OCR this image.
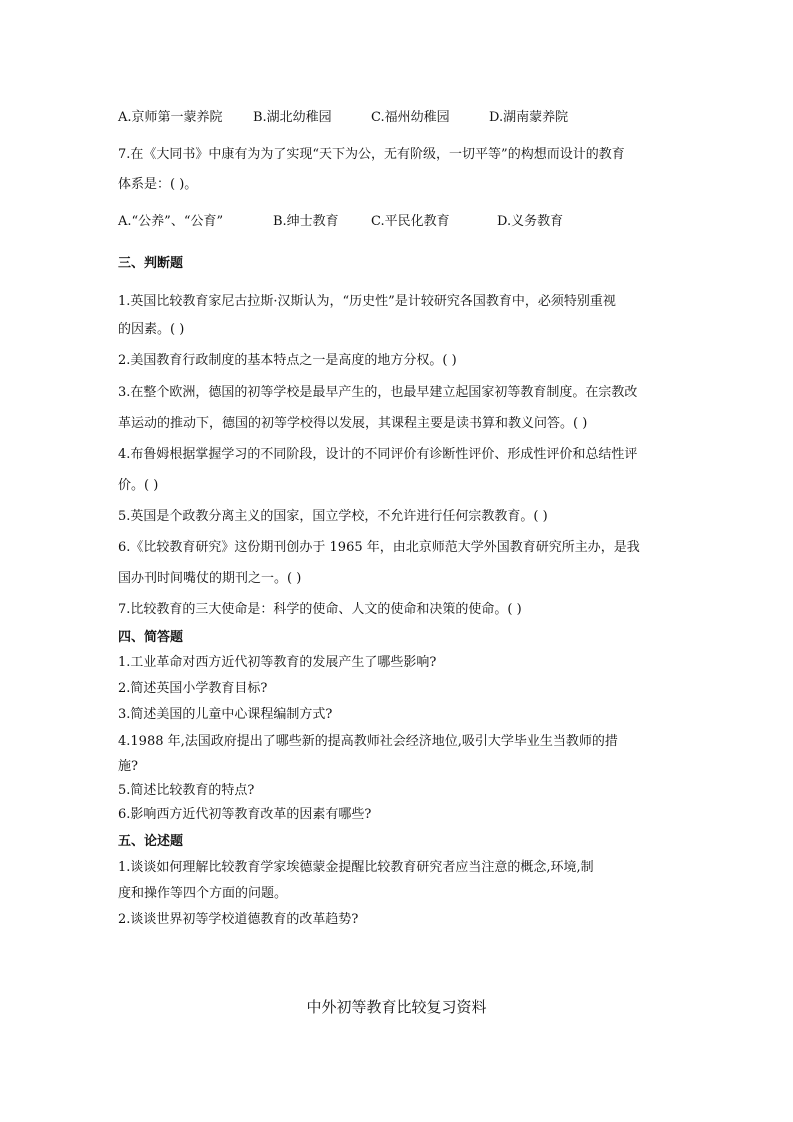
A.京师第一蒙养院 B.湖北幼稚园	C.福州幼稚园	D.湖南蒙养院

7.在《大同书》中康有为为了实现“天下为公，无有阶级，一切平等”的构想而设计的教育

体系是：( )。

A.“公养”、“公育”	B.绅士教育 C.平民化教育	D.义务教育

三、判断题

1.英国比较教育家尼古拉斯·汉斯认为，“历史性”是计较研究各国教育中，必须特别重视

的因素。( )

2.美国教育行政制度的基本特点之一是高度的地方分权。( )

3.在整个欧洲，德国的初等学校是最早产生的，也最早建立起国家初等教育制度。在宗教改

革运动的推动下，德国的初等学校得以发展，其课程主要是读书算和教义问答。( )

4.布鲁姆根据掌握学习的不同阶段，设计的不同评价有诊断性评价、形成性评价和总结性评

价。( )

5.英国是个政教分离主义的国家，国立学校，不允许进行任何宗教教育。( )

6.《比较教育研究》这份期刊创办于 1965 年，由北京师范大学外国教育研究所主办，是我

国办刊时间嘴仗的期刊之一。( )

7.比较教育的三大使命是：科学的使命、人文的使命和决策的使命。( )

四、简答题

1.工业革命对西方近代初等教育的发展产生了哪些影响?

2.简述英国小学教育目标?

3.简述美国的儿童中心课程编制方式?

4.1988 年,法国政府提出了哪些新的提高教师社会经济地位,吸引大学毕业生当教师的措

施?

5.简述比较教育的特点?

6.影响西方近代初等教育改革的因素有哪些?

五、论述题

1.谈谈如何理解比较教育学家埃德蒙金提醒比较教育研究者应当注意的概念,环境,制

度和操作等四个方面的问题。

2.谈谈世界初等学校道德教育的改革趋势?

中外初等教育比较复习资料
